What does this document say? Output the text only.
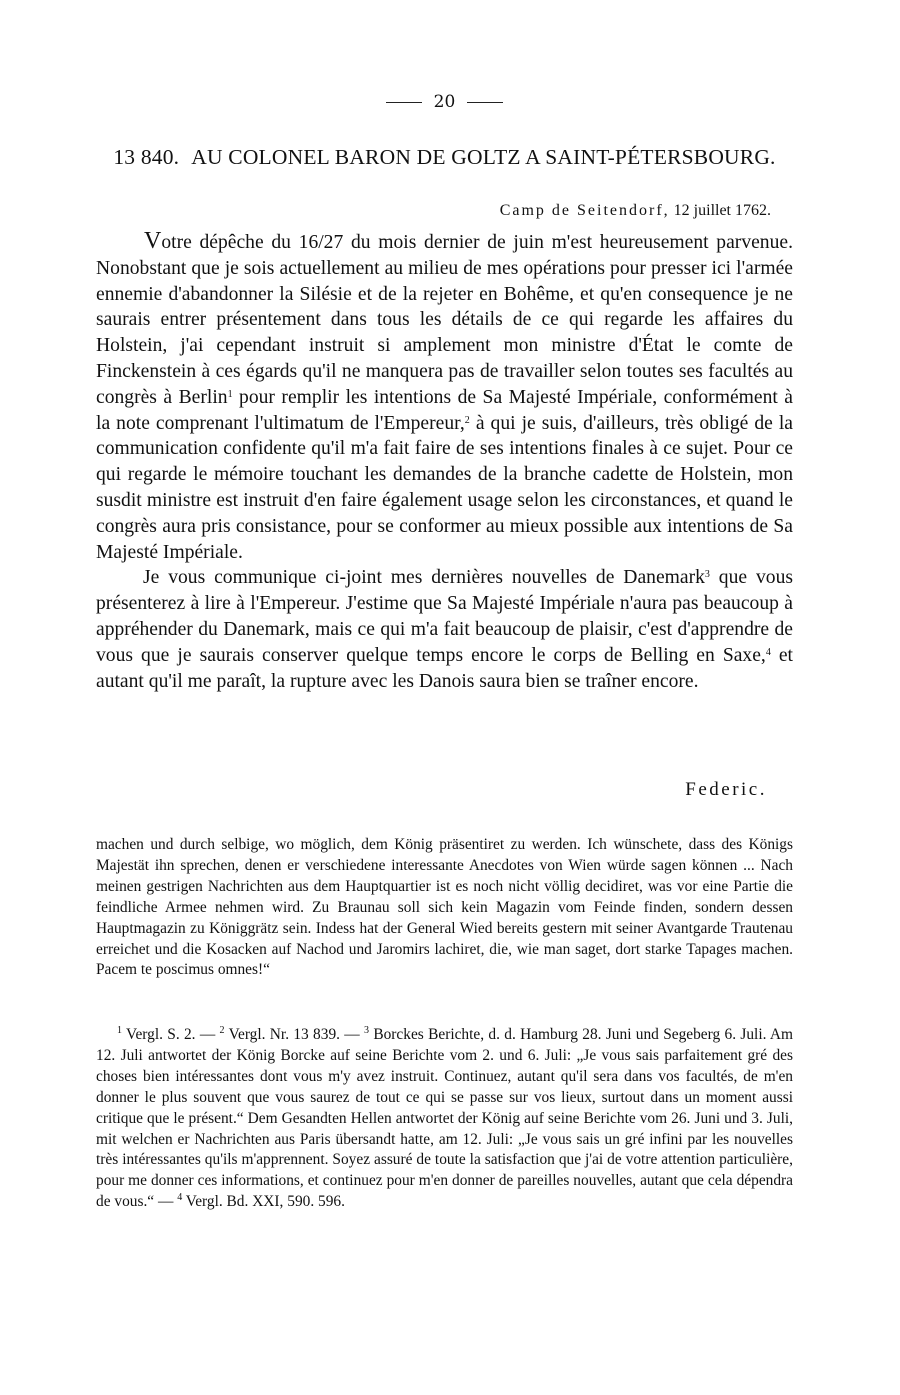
20
13 840. AU COLONEL BARON DE GOLTZ A SAINT-PÉTERSBOURG.
Camp de Seitendorf, 12 juillet 1762.

Votre dépêche du 16/27 du mois dernier de juin m'est heureusement parvenue. Nonobstant que je sois actuellement au milieu de mes opérations pour presser ici l'armée ennemie d'abandonner la Silésie et de la rejeter en Bohême, et qu'en consequence je ne saurais entrer présentement dans tous les détails de ce qui regarde les affaires du Holstein, j'ai cependant instruit si amplement mon ministre d'État le comte de Finckenstein à ces égards qu'il ne manquera pas de travailler selon toutes ses facultés au congrès à Berlin$^1$ pour remplir les intentions de Sa Majesté Impériale, conformément à la note comprenant l'ultimatum de l'Empereur,$^2$ à qui je suis, d'ailleurs, très obligé de la communication confidente qu'il m'a fait faire de ses intentions finales à ce sujet. Pour ce qui regarde le mémoire touchant les demandes de la branche cadette de Holstein, mon susdit ministre est instruit d'en faire également usage selon les circonstances, et quand le congrès aura pris consistance, pour se conformer au mieux possible aux intentions de Sa Majesté Impériale.

Je vous communique ci-joint mes dernières nouvelles de Danemark$^3$ que vous présenterez à lire à l'Empereur. J'estime que Sa Majesté Impériale n'aura pas beaucoup à appréhender du Danemark, mais ce qui m'a fait beaucoup de plaisir, c'est d'apprendre de vous que je saurais conserver quelque temps encore le corps de Belling en Saxe,$^4$ et autant qu'il me paraît, la rupture avec les Danois saura bien se traîner encore.

Federic.

machen und durch selbige, wo möglich, dem König präsentiret zu werden. Ich wünschete, dass des Königs Majestät ihn sprechen, denen er verschiedene interessante Anecdotes von Wien würde sagen können ... Nach meinen gestrigen Nachrichten aus dem Hauptquartier ist es noch nicht völlig decidiret, was vor eine Partie die feindliche Armee nehmen wird. Zu Braunau soll sich kein Magazin vom Feinde finden, sondern dessen Hauptmagazin zu Königgrätz sein. Indess hat der General Wied bereits gestern mit seiner Avantgarde Trautenau erreichet und die Kosacken auf Nachod und Jaromirs lachiret, die, wie man saget, dort starke Tapages machen. Pacem te poscimus omnes!“

$^1$ Vergl. S. 2. — $^2$ Vergl. Nr. 13 839. — $^3$ Borckes Berichte, d. d. Hamburg 28. Juni und Segeberg 6. Juli. Am 12. Juli antwortet der König Borcke auf seine Berichte vom 2. und 6. Juli: „Je vous sais parfaitement gré des choses bien intéressantes dont vous m'y avez instruit. Continuez, autant qu'il sera dans vos facultés, de m'en donner le plus souvent que vous saurez de tout ce qui se passe sur vos lieux, surtout dans un moment aussi critique que le présent.“ Dem Gesandten Hellen antwortet der König auf seine Berichte vom 26. Juni und 3. Juli, mit welchen er Nachrichten aus Paris übersandt hatte, am 12. Juli: „Je vous sais un gré infini par les nouvelles très intéressantes qu'ils m'apprennent. Soyez assuré de toute la satisfaction que j'ai de votre attention particulière, pour me donner ces informations, et continuez pour m'en donner de pareilles nouvelles, autant que cela dépendra de vous.“ — $^4$ Vergl. Bd. XXI, 590. 596.
